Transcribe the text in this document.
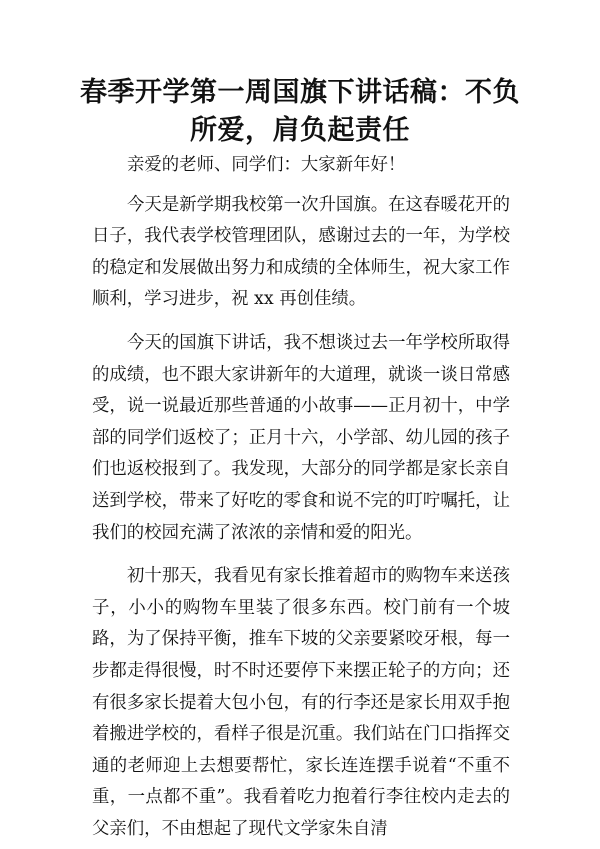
春季开学第一周国旗下讲话稿：不负所爱，肩负起责任

亲爱的老师、同学们：大家新年好！

今天是新学期我校第一次升国旗。在这春暖花开的日子，我代表学校管理团队，感谢过去的一年，为学校的稳定和发展做出努力和成绩的全体师生，祝大家工作顺利，学习进步，祝 xx 再创佳绩。

今天的国旗下讲话，我不想谈过去一年学校所取得的成绩，也不跟大家讲新年的大道理，就谈一谈日常感受，说一说最近那些普通的小故事——正月初十，中学部的同学们返校了；正月十六，小学部、幼儿园的孩子们也返校报到了。我发现，大部分的同学都是家长亲自送到学校，带来了好吃的零食和说不完的叮咛嘱托，让我们的校园充满了浓浓的亲情和爱的阳光。

初十那天，我看见有家长推着超市的购物车来送孩子，小小的购物车里装了很多东西。校门前有一个坡路，为了保持平衡，推车下坡的父亲要紧咬牙根，每一步都走得很慢，时不时还要停下来摆正轮子的方向；还有很多家长提着大包小包，有的行李还是家长用双手抱着搬进学校的，看样子很是沉重。我们站在门口指挥交通的老师迎上去想要帮忙，家长连连摆手说着“不重不重，一点都不重”。我看着吃力抱着行李往校内走去的父亲们，不由想起了现代文学家朱自清
